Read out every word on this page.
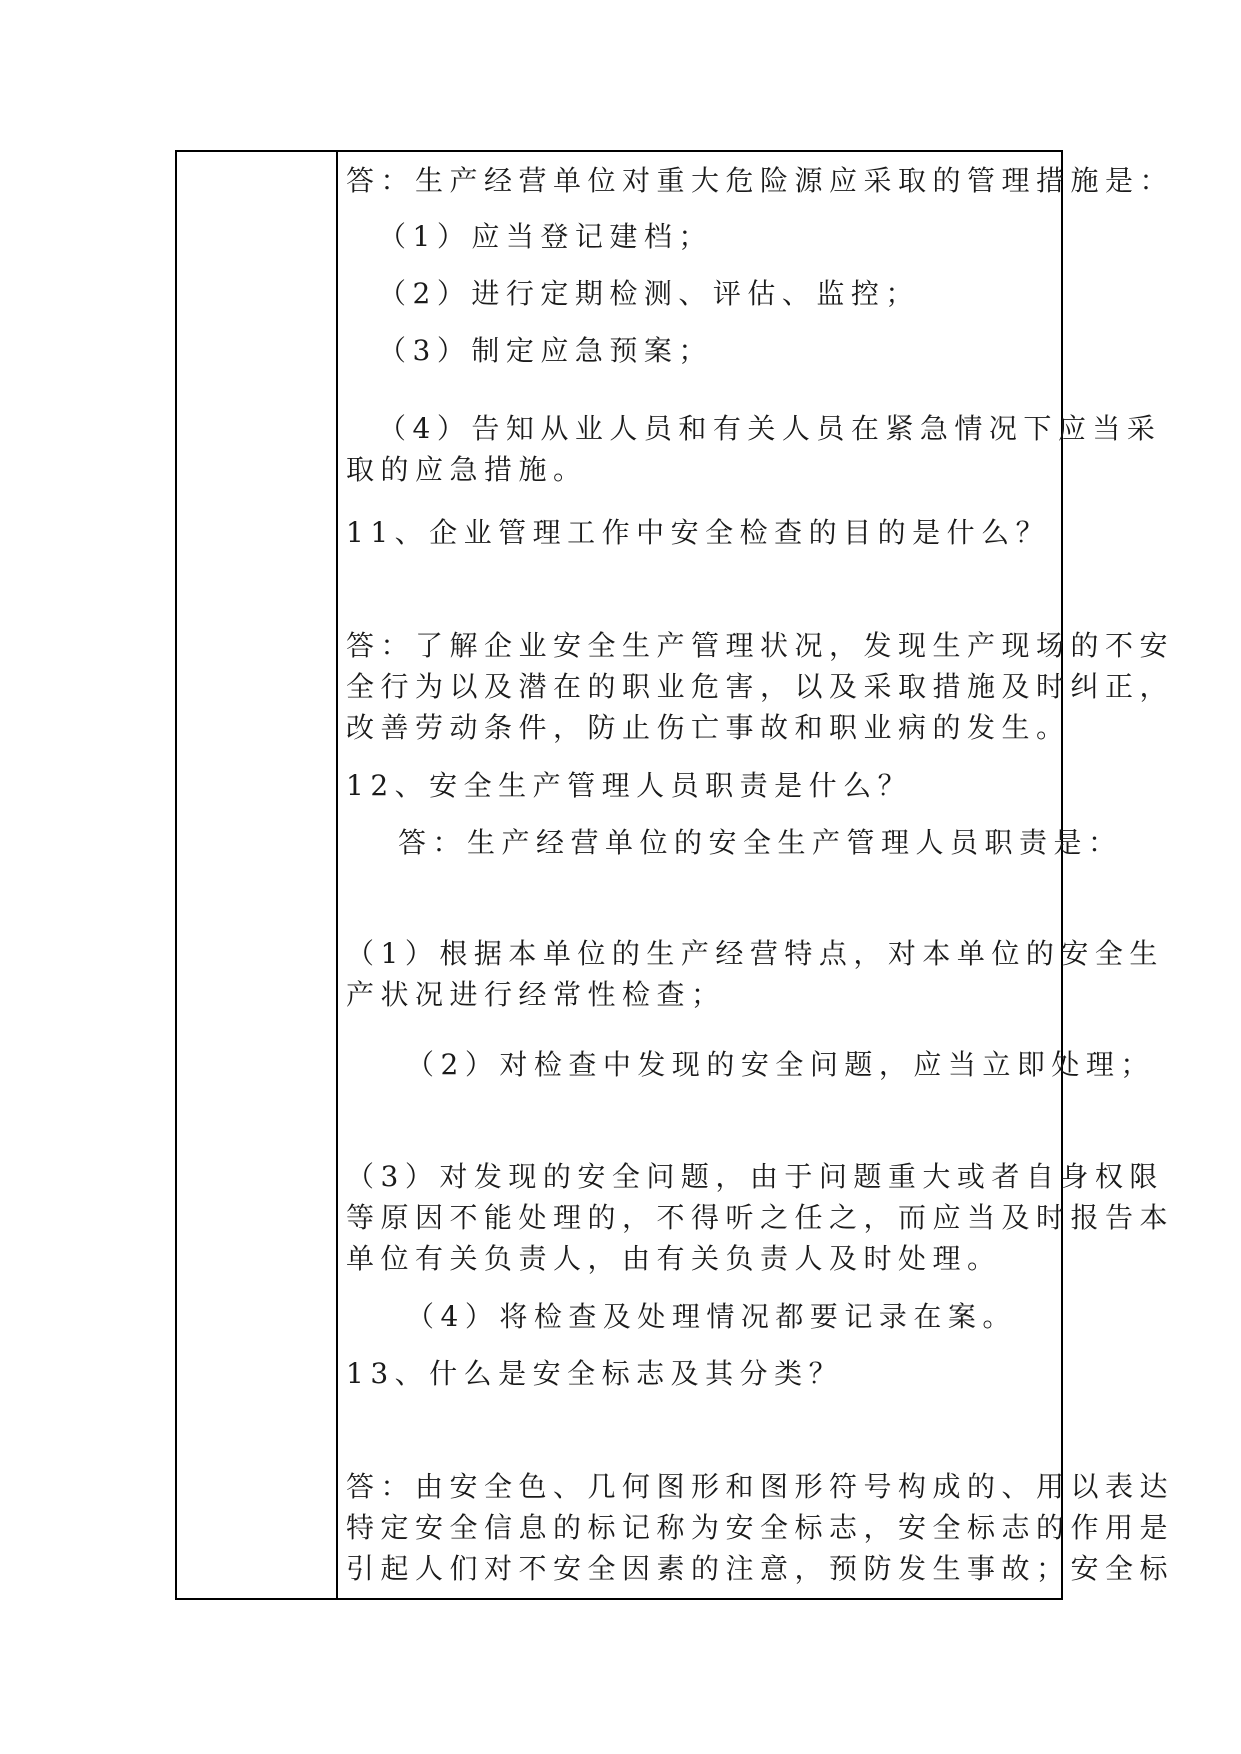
答：生产经营单位对重大危险源应采取的管理措施是：
（1）应当登记建档；
（2）进行定期检测、评估、监控；
（3）制定应急预案；
（4）告知从业人员和有关人员在紧急情况下应当采
取的应急措施。
11、企业管理工作中安全检查的目的是什么？
答：了解企业安全生产管理状况，发现生产现场的不安
全行为以及潜在的职业危害，以及采取措施及时纠正，
改善劳动条件，防止伤亡事故和职业病的发生。
12、安全生产管理人员职责是什么？
答：生产经营单位的安全生产管理人员职责是：
（1）根据本单位的生产经营特点，对本单位的安全生
产状况进行经常性检查；
（2）对检查中发现的安全问题，应当立即处理；
（3）对发现的安全问题，由于问题重大或者自身权限
等原因不能处理的，不得听之任之，而应当及时报告本
单位有关负责人，由有关负责人及时处理。
（4）将检查及处理情况都要记录在案。
13、什么是安全标志及其分类？
答：由安全色、几何图形和图形符号构成的、用以表达
特定安全信息的标记称为安全标志，安全标志的作用是
引起人们对不安全因素的注意，预防发生事故；安全标
